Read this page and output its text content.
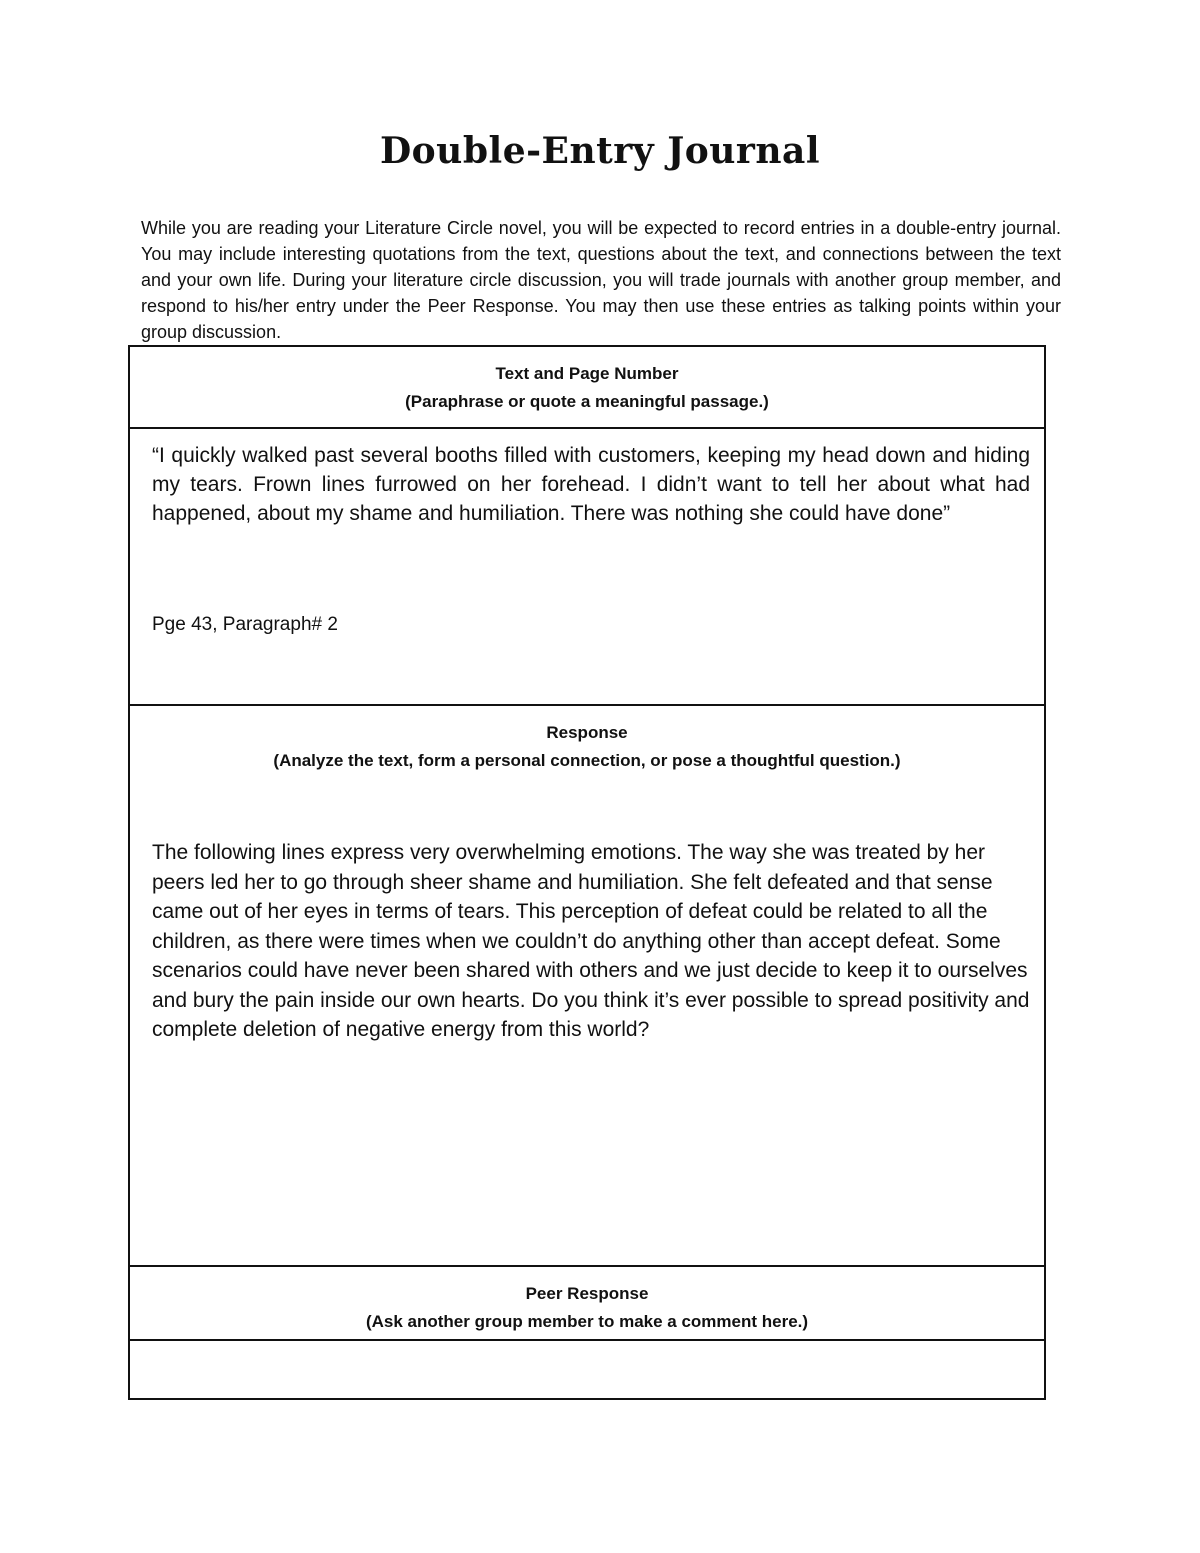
Double-Entry Journal
While you are reading your Literature Circle novel, you will be expected to record entries in a double-entry journal. You may include interesting quotations from the text, questions about the text, and connections between the text and your own life. During your literature circle discussion, you will trade journals with another group member, and respond to his/her entry under the Peer Response. You may then use these entries as talking points within your group discussion.
Text and Page Number
(Paraphrase or quote a meaningful passage.)
“I quickly walked past several booths filled with customers, keeping my head down and hiding my tears. Frown lines furrowed on her forehead. I didn’t want to tell her about what had happened, about my shame and humiliation. There was nothing she could have done”
Pge 43, Paragraph# 2
Response
(Analyze the text, form a personal connection, or pose a thoughtful question.)
The following lines express very overwhelming emotions. The way she was treated by her peers led her to go through sheer shame and humiliation. She felt defeated and that sense came out of her eyes in terms of tears. This perception of defeat could be related to all the children, as there were times when we couldn’t do anything other than accept defeat. Some scenarios could have never been shared with others and we just decide to keep it to ourselves and bury the pain inside our own hearts. Do you think it’s ever possible to spread positivity and complete deletion of negative energy from this world?
Peer Response
(Ask another group member to make a comment here.)
